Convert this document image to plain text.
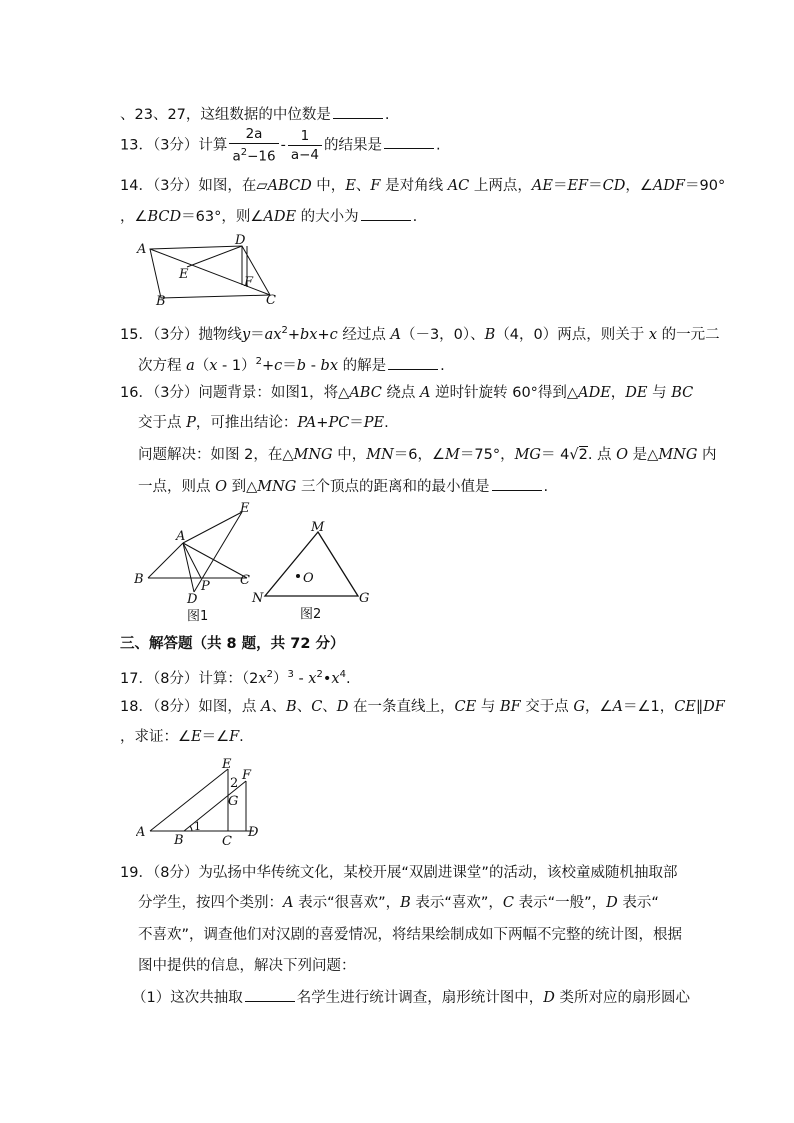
、23、27，这组数据的中位数是	.
13．（3分）计算 $\frac{2a}{a^2-16} - \frac{1}{a-4}$ 的结果是	.
14．（3分）如图，在▱ABCD 中，E、F 是对角线 AC 上两点，AE＝EF＝CD，∠ADF＝90°
，∠BCD＝63°，则∠ADE 的大小为	.
A
D
E
F
B	C
15．（3分）抛物线$y=ax^2+bx+c$ 经过点 A（－3，0）、B（4，0）两点，则关于 x 的一元二
次方程 a（x - 1）$^2$+c＝b - bx 的解是	.
16．（3分）问题背景：如图1，将△ABC 绕点 A 逆时针旋转 60°得到△ADE，DE 与 BC
交于点 P，可推出结论：PA+PC＝PE.
问题解决：如图 2，在△MNG 中，MN＝6，∠M＝75°，MG＝ 4√2. 点 O 是△MNG 内
一点，则点 O 到△MNG 三个顶点的距离和的最小值是	.
B
A
E
C
P
D
图1
M
N	G
O
图2
三、解答题（共 8 题，共 72 分）
17．（8分）计算：$(2x^2)^3$ - $x^2•x^4$.
18．（8分）如图，点 A、B、C、D 在一条直线上，CE 与 BF 交于点 G，∠A＝∠1，CE∥DF
，求证：∠E＝∠F.
A
B	C
D
E
F
G
2
1
19．（8分）为弘扬中华传统文化，某校开展“双剧进课堂”的活动，该校童威随机抽取部
分学生，按四个类别：A 表示“很喜欢”，B 表示“喜欢”，C 表示“一般”，D 表示“
不喜欢”，调查他们对汉剧的喜爱情况，将结果绘制成如下两幅不完整的统计图，根据
图中提供的信息，解决下列问题：
（1）这次共抽取	名学生进行统计调查，扇形统计图中，D 类所对应的扇形圆心
